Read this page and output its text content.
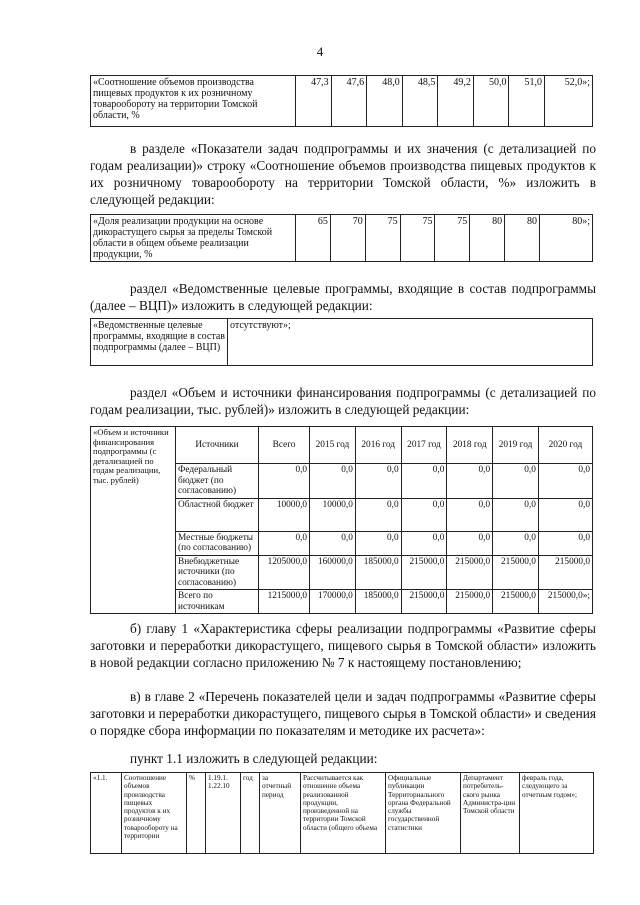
4
«Соотношение объемов производства пищевых продуктов к их розничному товарообороту на территории Томской области, %	47,3	47,6	48,0	48,5	49,2	50,0	51,0	52,0»;
в разделе «Показатели задач подпрограммы и их значения (с детализацией по годам реализации)» строку «Соотношение объемов производства пищевых продуктов к их розничному товарообороту на территории Томской области, %» изложить в следующей редакции:
«Доля реализации продукции на основе дикорастущего сырья за пределы Томской области в общем объеме реализации продукции, %	65	70	75	75	75	80	80	80»;
раздел «Ведомственные целевые программы, входящие в состав подпрограммы (далее – ВЦП)» изложить в следующей редакции:
«Ведомственные целевые программы, входящие в состав подпрограммы (далее – ВЦП)	отсутствуют»;
раздел «Объем и источники финансирования подпрограммы (с детализацией по годам реализации, тыс. рублей)» изложить в следующей редакции:
«Объем и источники финансирования подпрограммы (с детализацией по годам реализации, тыс. рублей)	Источники	Всего	2015 год	2016 год	2017 год	2018 год	2019 год	2020 год
	Федеральный бюджет (по согласованию)	0,0	0,0	0,0	0,0	0,0	0,0	0,0
	Областной бюджет	10000,0	10000,0	0,0	0,0	0,0	0,0	0,0
	Местные бюджеты (по согласованию)	0,0	0,0	0,0	0,0	0,0	0,0	0,0
	Внебюджетные источники (по согласованию)	1205000,0	160000,0	185000,0	215000,0	215000,0	215000,0	215000,0
	Всего по источникам	1215000,0	170000,0	185000,0	215000,0	215000,0	215000,0	215000,0»;
б) главу 1 «Характеристика сферы реализации подпрограммы «Развитие сферы заготовки и переработки дикорастущего, пищевого сырья в Томской области» изложить в новой редакции согласно приложению № 7 к настоящему постановлению;
в) в главе 2 «Перечень показателей цели и задач подпрограммы «Развитие сферы заготовки и переработки дикорастущего, пищевого сырья в Томской области» и сведения о порядке сбора информации по показателям и методике их расчета»:
пункт 1.1 изложить в следующей редакции:
«1.1.	Соотношение объемов производства пищевых продуктов к их розничному товарообороту на территории	%	1.19.1. 1.22.10	год	за отчетный период	Рассчитывается как отношение объема реализованной продукции, произведенной на территории Томской области (общего объема	Официальные публикации Территориального органа Федеральной службы государственной статистики	Департамент потребитель-ского рынка Администра-ции Томской области	февраль года, следующего за отчетным годом»;
